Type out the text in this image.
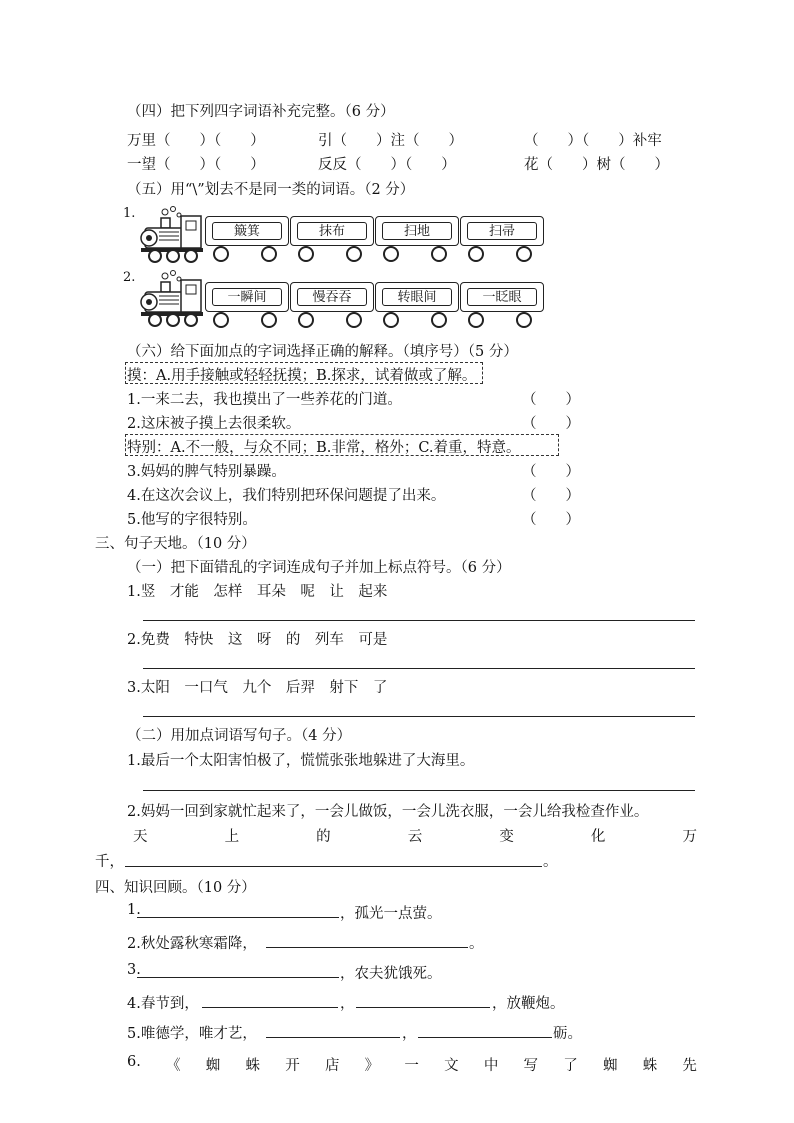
（四）把下列四字词语补充完整。（6 分）
万里（　　）（　　）	引（　　）注（　　）	（　　）（　　）补牢
一望（　　）（　　）	反反（　　）（　　）	花（　　）树（　　）
（五）用“\”划去不是同一类的词语。（2 分）
1.
簸箕	抹布	扫地	扫帚
2.
一瞬间	慢吞吞	转眼间	一眨眼
（六）给下面加点的字词选择正确的解释。（填序号）（5 分）
摸：A.用手接触或轻轻抚摸；B.探求，试着做或了解。
1.一来二去，我也摸出了一些养花的门道。	（　　）
2.这床被子摸上去很柔软。	（　　）
特别：A.不一般，与众不同；B.非常，格外；C.着重，特意。
3.妈妈的脾气特别暴躁。	（　　）
4.在这次会议上，我们特别把环保问题提了出来。	（　　）
5.他写的字很特别。	（　　）
三、句子天地。（10 分）
（一）把下面错乱的字词连成句子并加上标点符号。（6 分）
1.竖　才能　怎样　耳朵　呢　让　起来
2.免费　特快　这　呀　的　列车　可是
3.太阳　一口气　九个　后羿　射下　了
（二）用加点词语写句子。（4 分）
1.最后一个太阳害怕极了，慌慌张张地躲进了大海里。
2.妈妈一回到家就忙起来了，一会儿做饭，一会儿洗衣服，一会儿给我检查作业。
天	上	的	云	变	化	万
千，	。
四、知识回顾。（10 分）
1.	，孤光一点萤。
2.秋处露秋寒霜降，	。
3.	，农夫犹饿死。
4.春节到，	，	，放鞭炮。
5.唯德学，唯才艺，	，	砺。
6. 《 蜘 蛛 开 店 》 一 文 中 写 了 蜘 蛛 先
